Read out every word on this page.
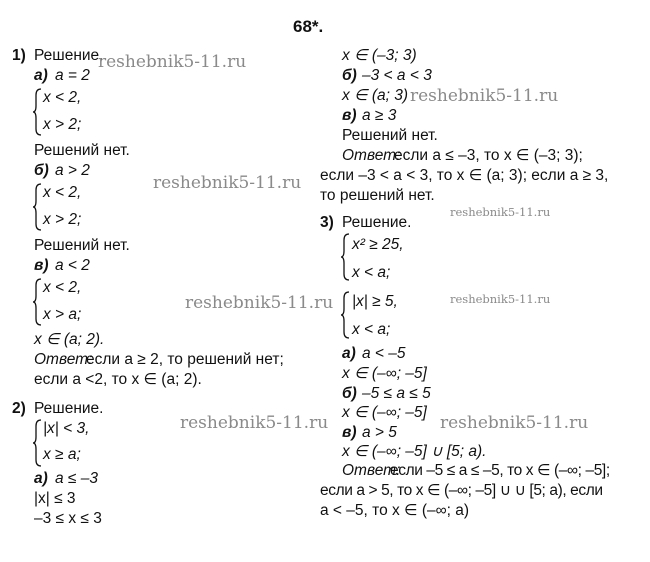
68*.
1) Решение.
а) a = 2
x < 2,
x > 2;
Решений нет.
б) a > 2
x < 2,
x > 2;
Решений нет.
в) a < 2
x < 2,
x > a;
x ∈ (a; 2).
Ответ:
если a ≥ 2, то решений нет;
если a <2, то x ∈ (a; 2).
2) Решение.
|x| < 3,
x ≥ a;
а) a ≤ –3
|x| ≤ 3
–3 ≤ x ≤ 3
x ∈ (–3; 3)
б) –3 < a < 3
x ∈ (a; 3)
в) a ≥ 3
Решений нет.
Ответ:
если a ≤ –3, то x ∈ (–3; 3);
если –3 < a < 3, то x ∈ (a; 3); если a ≥ 3,
то решений нет.
3) Решение.
x² ≥ 25,
x < a;
|x| ≥ 5,
x < a;
а) a < –5
x ∈ (–∞; –5]
б) –5 ≤ a ≤ 5
x ∈ (–∞; –5]
в) a > 5
x ∈ (–∞; –5] ∪ [5; a).
Ответ:
если –5 ≤ a ≤ –5, то x ∈ (–∞; –5];
если a > 5, то x ∈ (–∞; –5] ∪ ∪ [5; a), если
a < –5, то x ∈ (–∞; a)
reshebnik5-11.ru
reshebnik5-11.ru
reshebnik5-11.ru
reshebnik5-11.ru
reshebnik5-11.ru	reshebnik5-11.ru
reshebnik5-11.ru	reshebnik5-11.ru
